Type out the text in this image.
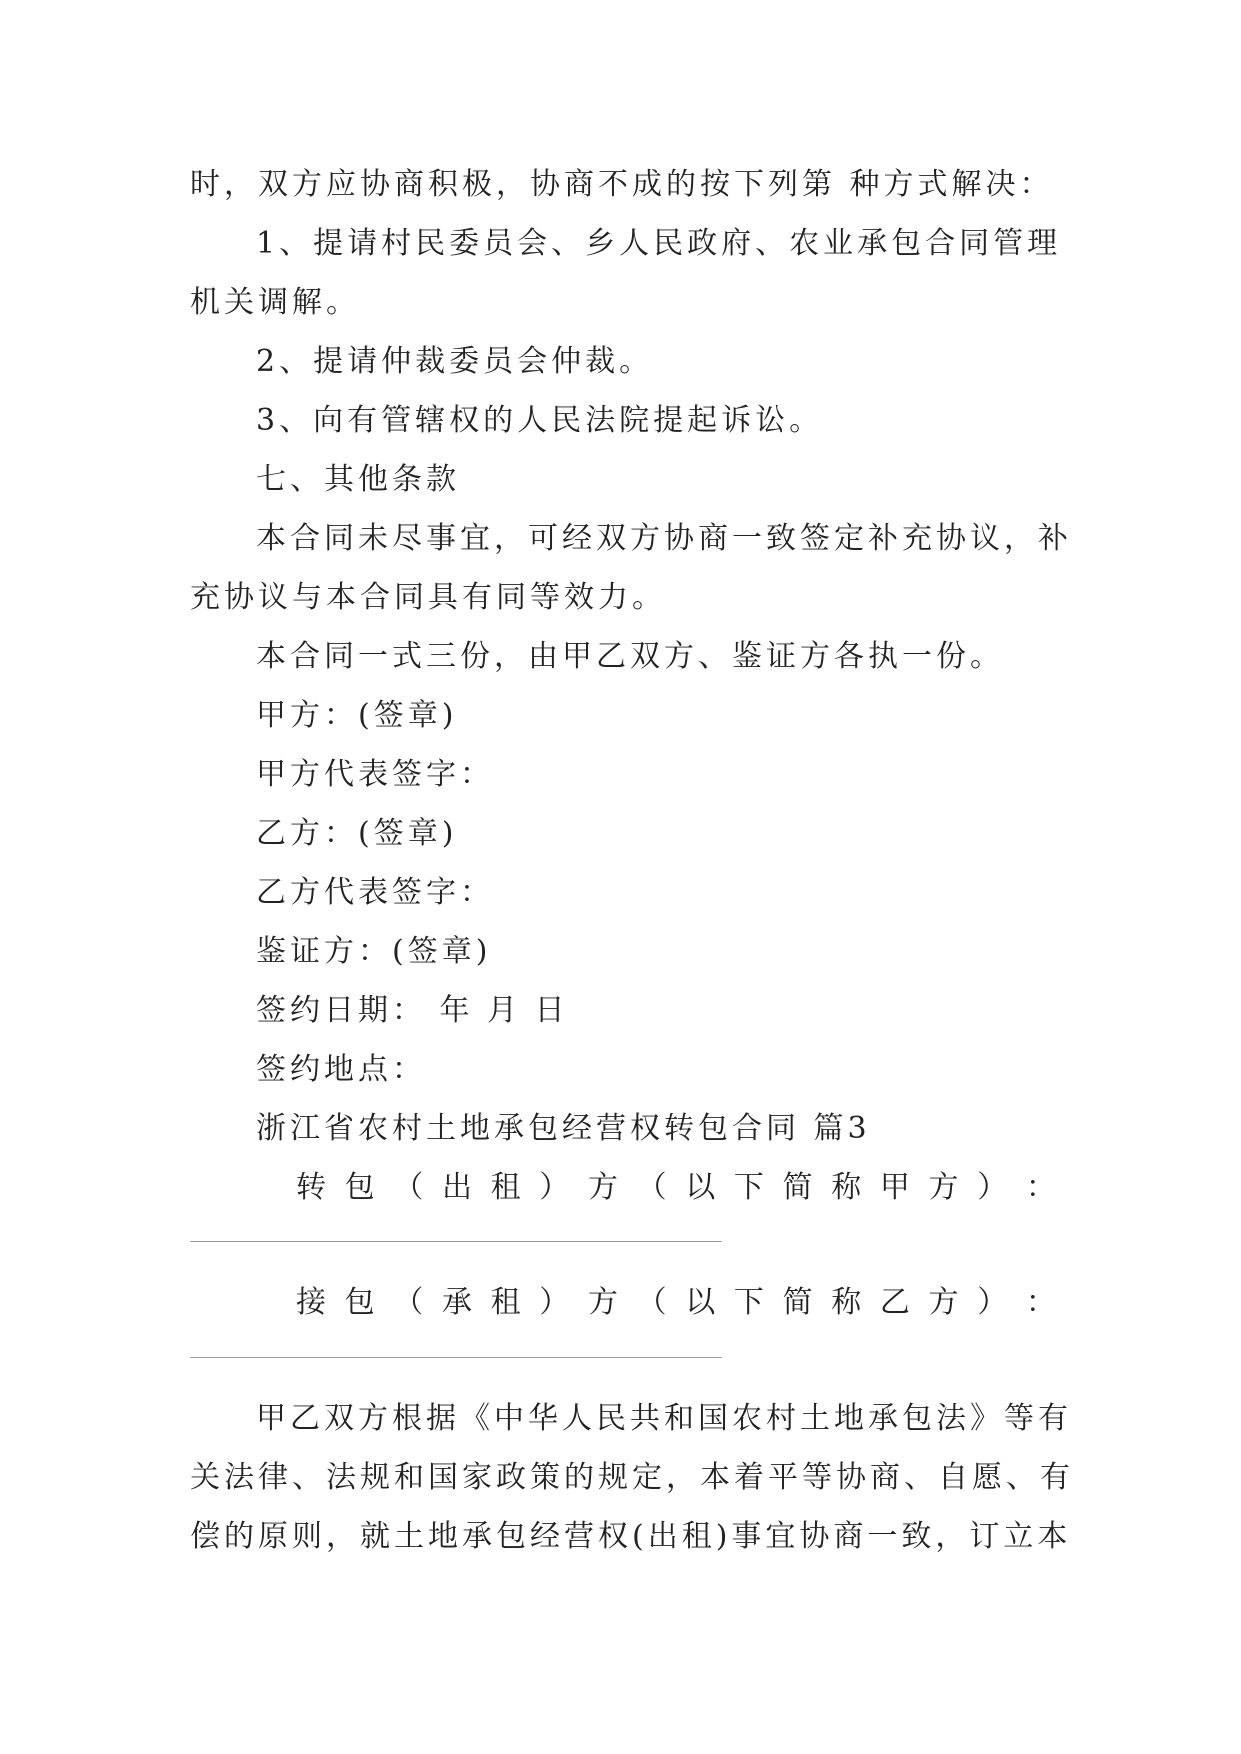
时，双方应协商积极，协商不成的按下列第 种方式解决：
1、提请村民委员会、乡人民政府、农业承包合同管理
机关调解。
2、提请仲裁委员会仲裁。
3、向有管辖权的人民法院提起诉讼。
七、其他条款
本合同未尽事宜，可经双方协商一致签定补充协议，补
充协议与本合同具有同等效力。
本合同一式三份，由甲乙双方、鉴证方各执一份。
甲方：(签章)
甲方代表签字：
乙方：(签章)
乙方代表签字：
鉴证方：(签章)
签约日期： 年 月 日
签约地点：
浙江省农村土地承包经营权转包合同 篇3
转 包 （ 出 租 ） 方 （ 以 下 简 称 甲 方 ） ：
接 包 （ 承 租 ） 方 （ 以 下 简 称 乙 方 ） ：
甲乙双方根据《中华人民共和国农村土地承包法》等有
关法律、法规和国家政策的规定，本着平等协商、自愿、有
偿的原则，就土地承包经营权(出租)事宜协商一致，订立本
